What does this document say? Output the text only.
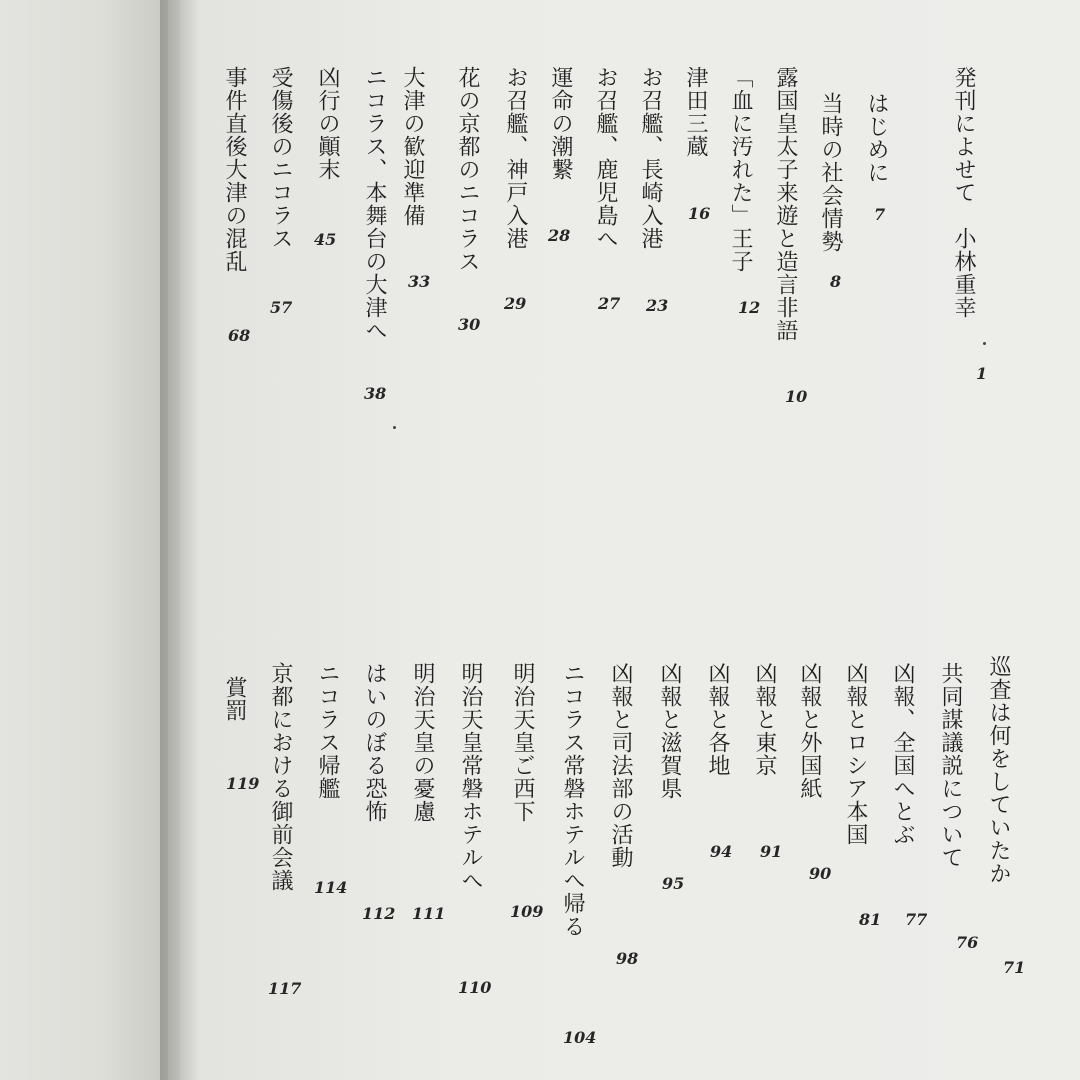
発刊によせて　小林重幸
1
はじめに
7
当時の社会情勢
8
露国皇太子来遊と造言非語
10
「血に汚れた」王子
12
津田三蔵
16
お召艦、長崎入港
23
お召艦、鹿児島へ
27
運命の潮繋
28
お召艦、神戸入港
29
花の京都のニコラス
30
大津の歓迎準備
33
ニコラス、本舞台の大津へ
38
凶行の顚末
45
受傷後のニコラス
57
事件直後大津の混乱
68
巡査は何をしていたか
71
共同謀議説について
76
凶報、全国へとぶ
77
凶報とロシア本国
81
凶報と外国紙
90
凶報と東京
91
凶報と各地
94
凶報と滋賀県
95
凶報と司法部の活動
98
ニコラス常磐ホテルへ帰る
104
明治天皇ご西下
109
明治天皇常磐ホテルへ
110
明治天皇の憂慮
111
はいのぼる恐怖
112
ニコラス帰艦
114
京都における御前会議
117
賞罰
119
